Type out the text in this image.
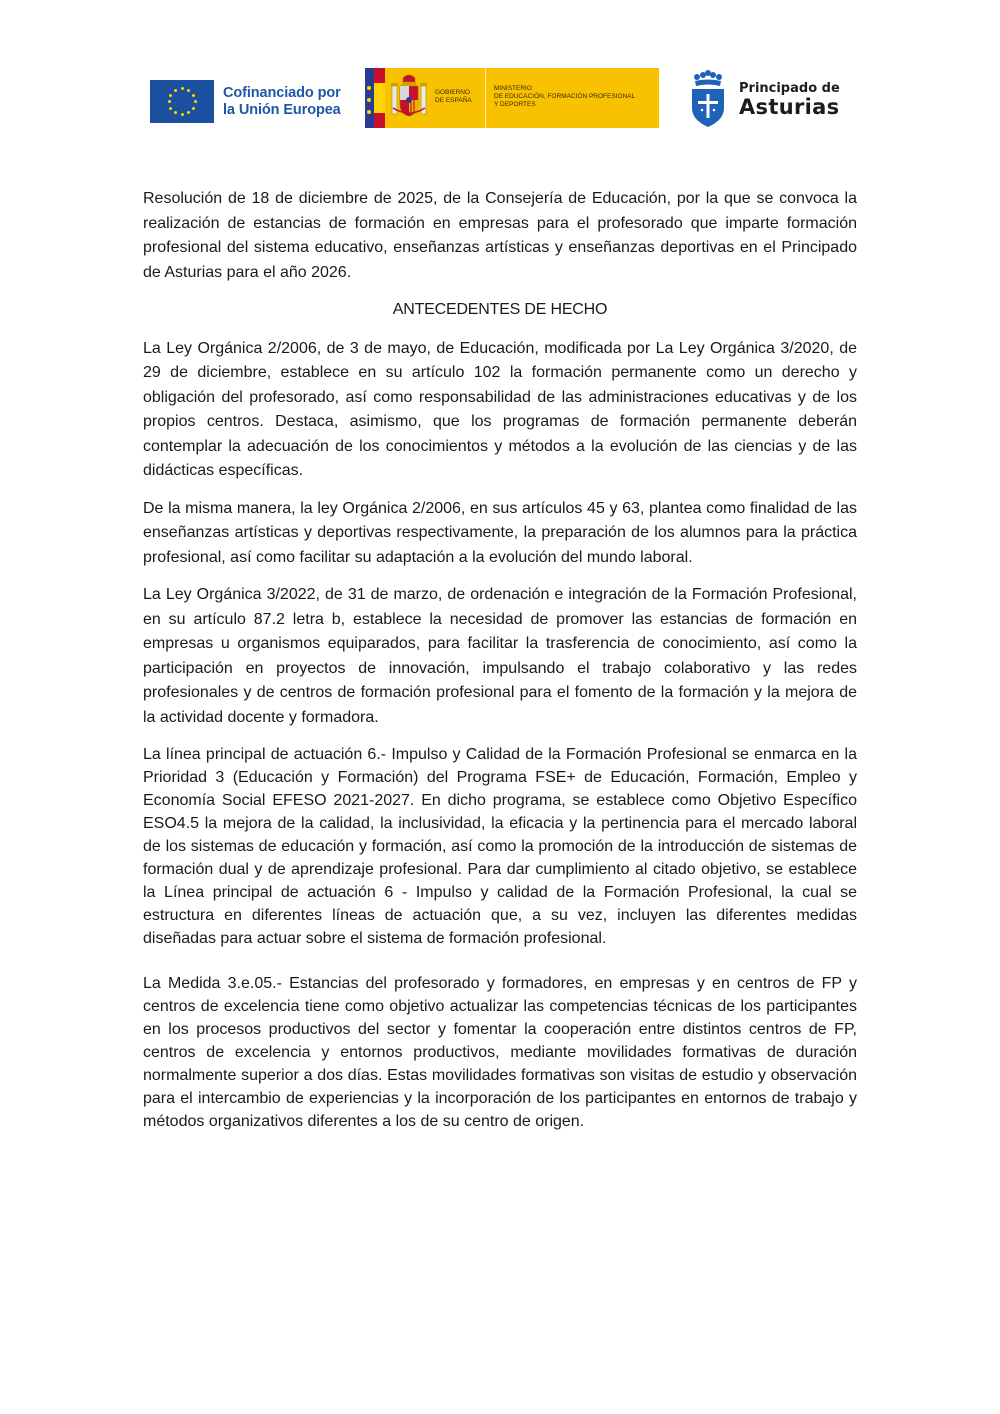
Cofinanciado por
la Unión Europea
GOBIERNO
DE ESPAÑA
MINISTERIO
DE EDUCACIÓN, FORMACIÓN PROFESIONAL
Y DEPORTES
Principado de
Asturias

Resolución de 18 de diciembre de 2025, de la Consejería de Educación, por la que se convoca la realización de estancias de formación en empresas para el profesorado que imparte formación profesional del sistema educativo, enseñanzas artísticas y enseñanzas deportivas en el Principado de Asturias para el año 2026.

ANTECEDENTES DE HECHO

La Ley Orgánica 2/2006, de 3 de mayo, de Educación, modificada por La Ley Orgánica 3/2020, de 29 de diciembre, establece en su artículo 102 la formación permanente como un derecho y obligación del profesorado, así como responsabilidad de las administraciones educativas y de los propios centros. Destaca, asimismo, que los programas de formación permanente deberán contemplar la adecuación de los conocimientos y métodos a la evolución de las ciencias y de las didácticas específicas.

De la misma manera, la ley Orgánica 2/2006, en sus artículos 45 y 63, plantea como finalidad de las enseñanzas artísticas y deportivas respectivamente, la preparación de los alumnos para la práctica profesional, así como facilitar su adaptación a la evolución del mundo laboral.

La Ley Orgánica 3/2022, de 31 de marzo, de ordenación e integración de la Formación Profesional, en su artículo 87.2 letra b, establece la necesidad de promover las estancias de formación en empresas u organismos equiparados, para facilitar la trasferencia de conocimiento, así como la participación en proyectos de innovación, impulsando el trabajo colaborativo y las redes profesionales y de centros de formación profesional para el fomento de la formación y la mejora de la actividad docente y formadora.

La línea principal de actuación 6.- Impulso y Calidad de la Formación Profesional se enmarca en la Prioridad 3 (Educación y Formación) del Programa FSE+ de Educación, Formación, Empleo y Economía Social EFESO 2021-2027. En dicho programa, se establece como Objetivo Específico ESO4.5 la mejora de la calidad, la inclusividad, la eficacia y la pertinencia para el mercado laboral de los sistemas de educación y formación, así como la promoción de la introducción de sistemas de formación dual y de aprendizaje profesional. Para dar cumplimiento al citado objetivo, se establece la Línea principal de actuación 6 - Impulso y calidad de la Formación Profesional, la cual se estructura en diferentes líneas de actuación que, a su vez, incluyen las diferentes medidas diseñadas para actuar sobre el sistema de formación profesional.

La Medida 3.e.05.- Estancias del profesorado y formadores, en empresas y en centros de FP y centros de excelencia tiene como objetivo actualizar las competencias técnicas de los participantes en los procesos productivos del sector y fomentar la cooperación entre distintos centros de FP, centros de excelencia y entornos productivos, mediante movilidades formativas de duración normalmente superior a dos días. Estas movilidades formativas son visitas de estudio y observación para el intercambio de experiencias y la incorporación de los participantes en entornos de trabajo y métodos organizativos diferentes a los de su centro de origen.
